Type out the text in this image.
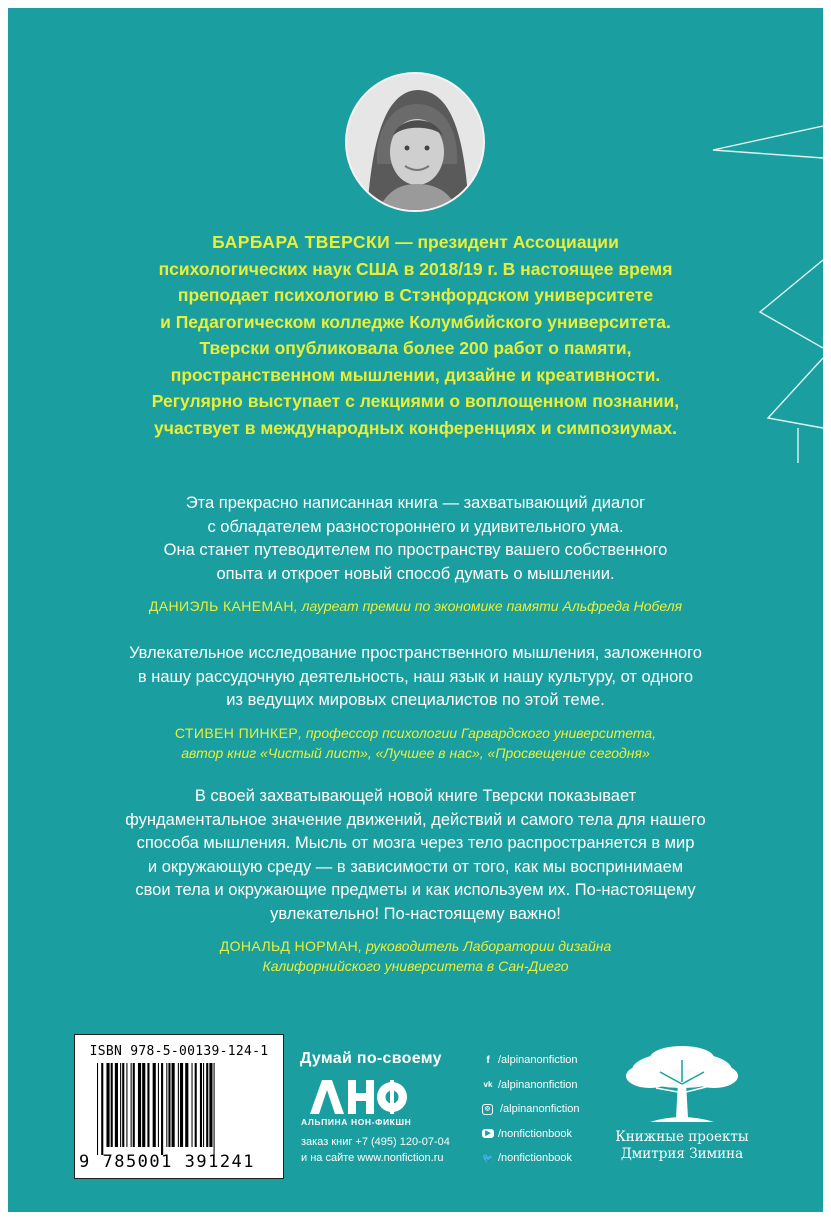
БАРБАРА ТВЕРСКИ — президент Ассоциации
психологических наук США в 2018/19 г. В настоящее время
преподает психологию в Стэнфордском университете
и Педагогическом колледже Колумбийского университета.
Тверски опубликовала более 200 работ о памяти,
пространственном мышлении, дизайне и креативности.
Регулярно выступает с лекциями о воплощенном познании,
участвует в международных конференциях и симпозиумах.

Эта прекрасно написанная книга — захватывающий диалог
с обладателем разностороннего и удивительного ума.
Она станет путеводителем по пространству вашего собственного
опыта и откроет новый способ думать о мышлении.

ДАНИЭЛЬ КАНЕМАН, лауреат премии по экономике памяти Альфреда Нобеля

Увлекательное исследование пространственного мышления, заложенного
в нашу рассудочную деятельность, наш язык и нашу культуру, от одного
из ведущих мировых специалистов по этой теме.

СТИВЕН ПИНКЕР, профессор психологии Гарвардского университета,
автор книг «Чистый лист», «Лучшее в нас», «Просвещение сегодня»

В своей захватывающей новой книге Тверски показывает
фундаментальное значение движений, действий и самого тела для нашего
способа мышления. Мысль от мозга через тело распространяется в мир
и окружающую среду — в зависимости от того, как мы воспринимаем
свои тела и окружающие предметы и как используем их. По-настоящему
увлекательно! По-настоящему важно!

ДОНАЛЬД НОРМАН, руководитель Лаборатории дизайна
Калифорнийского университета в Сан-Диего

ISBN 978-5-00139-124-1
9 785001 391241
Думай по-своему
АЛЬПИНА НОН-ФИКШН
заказ книг +7 (495) 120-07-04
и на сайте www.nonfiction.ru
f /alpinanonfiction
vk /alpinanonfiction
◎ /alpinanonfiction
▶ /nonfictionbook
🐦 /nonfictionbook
Книжные проекты
Дмитрия Зимина
